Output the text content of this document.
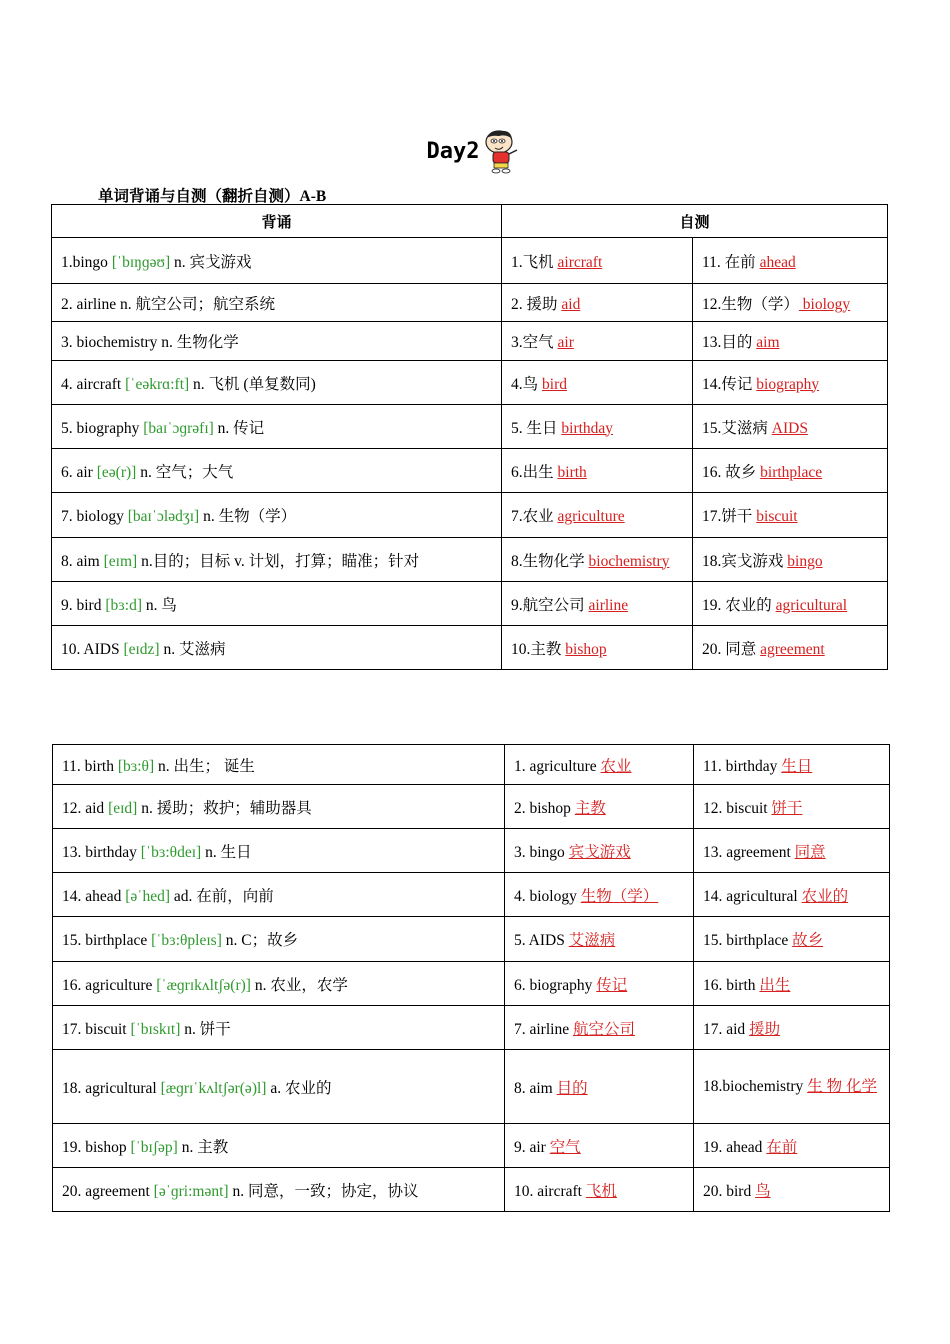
Day2
单词背诵与自测（翻折自测）A-B
背诵	自测	
1.bingo [ˈbɪŋɡəʊ] n. 宾戈游戏	1.飞机 aircraft	11. 在前 ahead
2. airline n. 航空公司；航空系统	2. 援助 aid	12.生物（学） biology
3. biochemistry n. 生物化学	3.空气 air	13.目的 aim
4. aircraft [ˈeəkrɑ:ft] n. 飞机 (单复数同)	4.鸟 bird	14.传记 biography
5. biography [baɪˈɔɡrəfɪ] n. 传记	5. 生日 birthday	15.艾滋病 AIDS
6. air [eə(r)] n. 空气；大气	6.出生 birth	16. 故乡 birthplace
7. biology [baɪˈɔlədʒɪ] n. 生物（学）	7.农业 agriculture	17.饼干 biscuit
8. aim [eɪm] n.目的；目标 v. 计划，打算；瞄准；针对	8.生物化学 biochemistry	18.宾戈游戏 bingo
9. bird [bɜ:d] n. 鸟	9.航空公司 airline	19. 农业的 agricultural
10. AIDS [eɪdz] n. 艾滋病	10.主教 bishop	20. 同意 agreement
11. birth [bɜ:θ] n. 出生； 诞生	1. agriculture 农业	11. birthday 生日
12. aid [eɪd] n. 援助；救护；辅助器具	2. bishop 主教	12. biscuit 饼干
13. birthday [ˈbɜ:θdeɪ] n. 生日	3. bingo 宾戈游戏	13. agreement 同意
14. ahead [əˈhed] ad. 在前，向前	4. biology 生物（学）	14. agricultural 农业的
15. birthplace [ˈbɜ:θpleɪs] n. C；故乡	5. AIDS 艾滋病	15. birthplace 故乡
16. agriculture [ˈæɡrɪkʌltʃə(r)] n. 农业，农学	6. biography 传记	16. birth 出生
17. biscuit [ˈbɪskɪt] n. 饼干	7. airline 航空公司	17. aid 援助
18. agricultural [æɡrɪˈkʌltʃər(ə)l] a. 农业的	8. aim 目的	18.biochemistry 生 物 化学
19. bishop [ˈbɪʃəp] n. 主教	9. air 空气	19. ahead 在前
20. agreement [əˈɡri:mənt] n. 同意，一致；协定，协议	10. aircraft 飞机	20. bird 鸟
